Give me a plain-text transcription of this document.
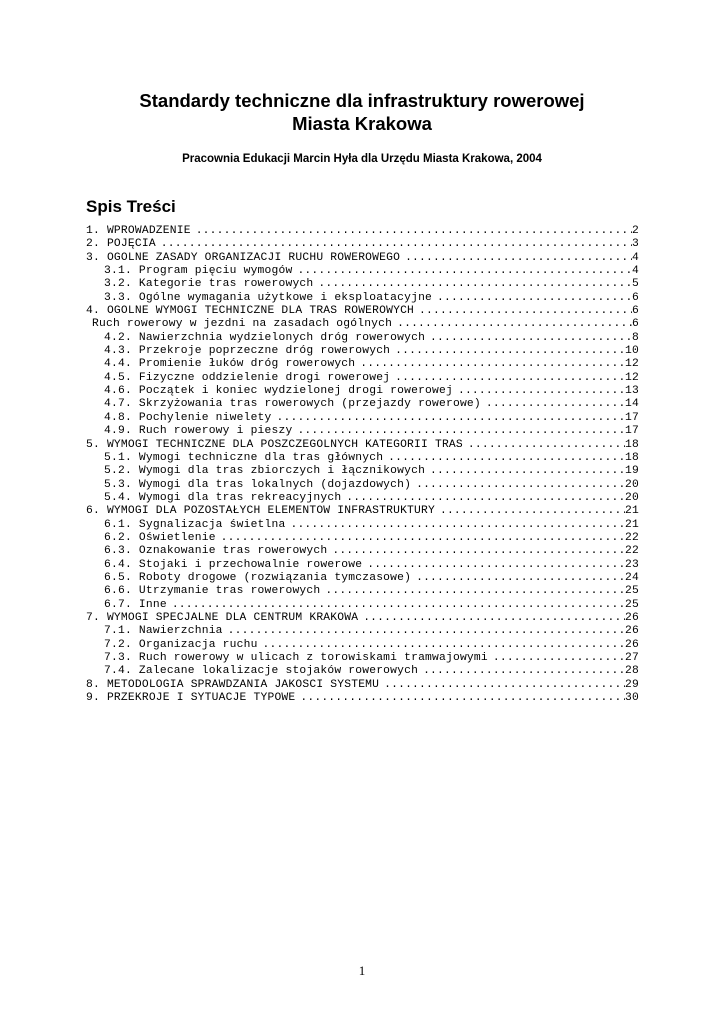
Standardy techniczne dla infrastruktury rowerowej
Miasta Krakowa

Pracownia Edukacji Marcin Hyła dla Urzędu Miasta Krakowa, 2004

Spis Treści
1. WPROWADZENIE .....	2
2. POJĘCIA .....	3
3. OGÓLNE ZASADY ORGANIZACJI RUCHU ROWEROWEGO .....	4
3.1. Program pięciu wymogów .....	4
3.2. Kategorie tras rowerowych .....	5
3.3. Ogólne wymagania użytkowe i eksploatacyjne .....	6
4. OGÓLNE WYMOGI TECHNICZNE DLA TRAS ROWEROWYCH .....	6
Ruch rowerowy w jezdni na zasadach ogólnych .....	6
4.2. Nawierzchnia wydzielonych dróg rowerowych .....	8
4.3. Przekroje poprzeczne dróg rowerowych .....	10
4.4. Promienie łuków dróg rowerowych .....	12
4.5. Fizyczne oddzielenie drogi rowerowej .....	12
4.6. Początek i koniec wydzielonej drogi rowerowej .....	13
4.7. Skrzyżowania tras rowerowych (przejazdy rowerowe) .....	14
4.8. Pochylenie niwelety .....	17
4.9. Ruch rowerowy i pieszy .....	17
5. WYMOGI TECHNICZNE DLA POSZCZEGÓLNYCH KATEGORII TRAS .....	18
5.1. Wymogi techniczne dla tras głównych .....	18
5.2. Wymogi dla tras zbiorczych i łącznikowych .....	19
5.3. Wymogi dla tras lokalnych (dojazdowych) .....	20
5.4. Wymogi dla tras rekreacyjnych .....	20
6. WYMOGI DLA POZOSTAŁYCH ELEMENTÓW INFRASTRUKTURY .....	21
6.1. Sygnalizacja świetlna .....	21
6.2. Oświetlenie .....	22
6.3. Oznakowanie tras rowerowych .....	22
6.4. Stojaki i przechowalnie rowerowe .....	23
6.5. Roboty drogowe (rozwiązania tymczasowe) .....	24
6.6. Utrzymanie tras rowerowych .....	25
6.7. Inne .....	25
7. WYMOGI SPECJALNE DLA CENTRUM KRAKOWA .....	26
7.1. Nawierzchnia .....	26
7.2. Organizacja ruchu .....	26
7.3. Ruch rowerowy w ulicach z torowiskami tramwajowymi .....	27
7.4. Zalecane lokalizacje stojaków rowerowych .....	28
8. METODOLOGIA SPRAWDZANIA JAKOŚCI SYSTEMU .....	29
9. PRZEKROJE I SYTUACJE TYPOWE .....	30
1
